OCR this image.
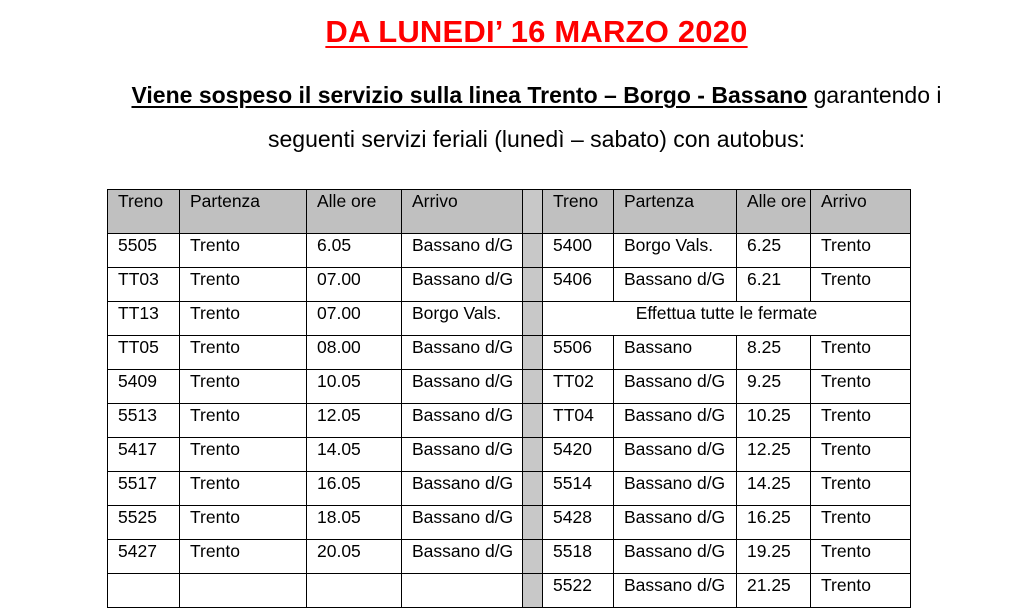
DA LUNEDI’ 16 MARZO 2020
Viene sospeso il servizio sulla linea Trento – Borgo - Bassano garantendo i
seguenti servizi feriali (lunedì – sabato) con autobus:
Treno	Partenza	Alle ore	Arrivo		Treno	Partenza	Alle ore	Arrivo
5505	Trento	6.05	Bassano d/G		5400	Borgo Vals.	6.25	Trento
TT03	Trento	07.00	Bassano d/G		5406	Bassano d/G	6.21	Trento
TT13	Trento	07.00	Borgo Vals.		Effettua tutte le fermate			
TT05	Trento	08.00	Bassano d/G		5506	Bassano	8.25	Trento
5409	Trento	10.05	Bassano d/G		TT02	Bassano d/G	9.25	Trento
5513	Trento	12.05	Bassano d/G		TT04	Bassano d/G	10.25	Trento
5417	Trento	14.05	Bassano d/G		5420	Bassano d/G	12.25	Trento
5517	Trento	16.05	Bassano d/G		5514	Bassano d/G	14.25	Trento
5525	Trento	18.05	Bassano d/G		5428	Bassano d/G	16.25	Trento
5427	Trento	20.05	Bassano d/G		5518	Bassano d/G	19.25	Trento
					5522	Bassano d/G	21.25	Trento
